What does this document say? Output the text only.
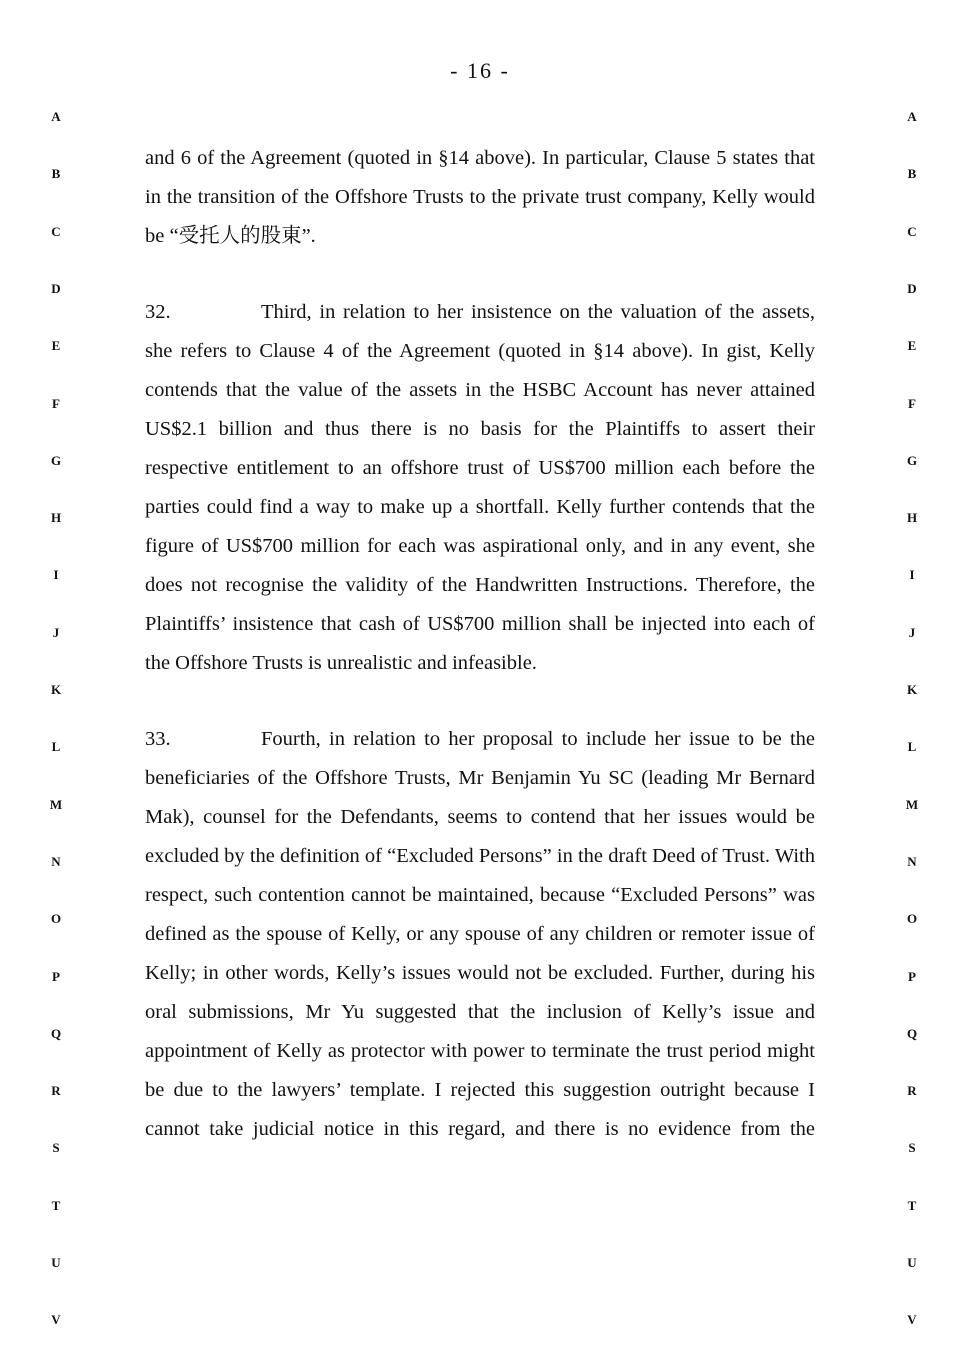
- 16 -
A
B
C
D
E
F
G
H
I
J
K
L
M
N
O
P
Q
R
S
T
U
V
A
B
C
D
E
F
G
H
I
J
K
L
M
N
O
P
Q
R
S
T
U
V

and 6 of the Agreement (quoted in §14 above). In particular, Clause 5 states that in the transition of the Offshore Trusts to the private trust company, Kelly would be “受托人的股東”.

32.	Third, in relation to her insistence on the valuation of the assets, she refers to Clause 4 of the Agreement (quoted in §14 above). In gist, Kelly contends that the value of the assets in the HSBC Account has never attained US$2.1 billion and thus there is no basis for the Plaintiffs to assert their respective entitlement to an offshore trust of US$700 million each before the parties could find a way to make up a shortfall. Kelly further contends that the figure of US$700 million for each was aspirational only, and in any event, she does not recognise the validity of the Handwritten Instructions. Therefore, the Plaintiffs’ insistence that cash of US$700 million shall be injected into each of the Offshore Trusts is unrealistic and infeasible.

33.	Fourth, in relation to her proposal to include her issue to be the beneficiaries of the Offshore Trusts, Mr Benjamin Yu SC (leading Mr Bernard Mak), counsel for the Defendants, seems to contend that her issues would be excluded by the definition of “Excluded Persons” in the draft Deed of Trust. With respect, such contention cannot be maintained, because “Excluded Persons” was defined as the spouse of Kelly, or any spouse of any children or remoter issue of Kelly; in other words, Kelly’s issues would not be excluded. Further, during his oral submissions, Mr Yu suggested that the inclusion of Kelly’s issue and appointment of Kelly as protector with power to terminate the trust period might be due to the lawyers’ template. I rejected this suggestion outright because I cannot take judicial notice in this regard, and there is no evidence from the
